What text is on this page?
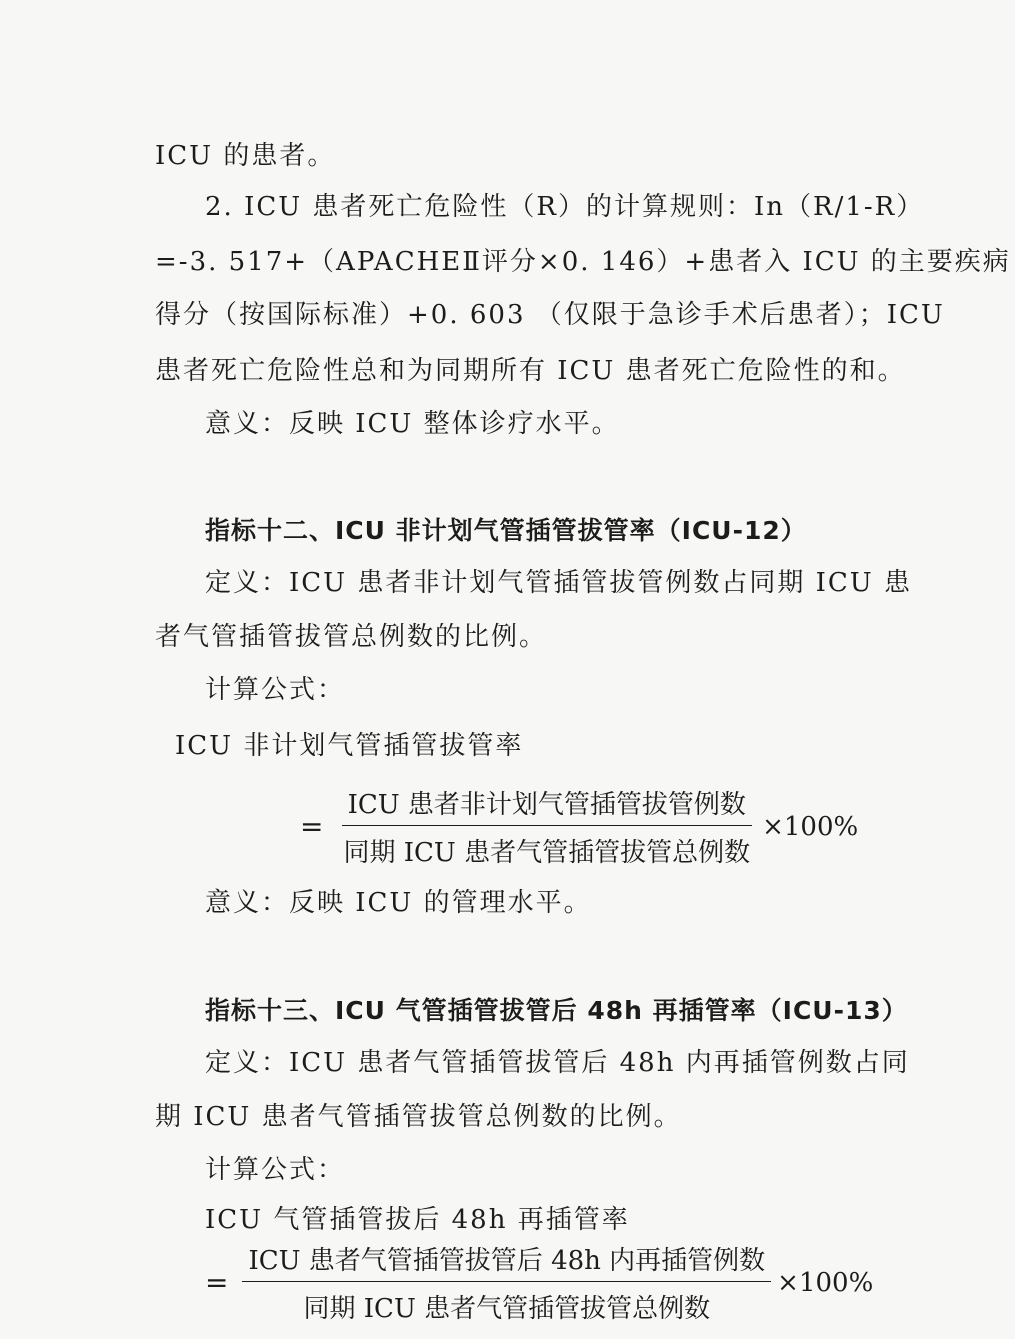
ICU 的患者。
2. ICU 患者死亡危险性（R）的计算规则：In（R/1-R）
=-3. 517+（APACHEⅡ评分×0. 146）+患者入 ICU 的主要疾病
得分（按国际标准）+0. 603 （仅限于急诊手术后患者）；ICU
患者死亡危险性总和为同期所有 ICU 患者死亡危险性的和。
意义：反映 ICU 整体诊疗水平。
指标十二、ICU 非计划气管插管拔管率（ICU-12）
定义：ICU 患者非计划气管插管拔管例数占同期 ICU 患
者气管插管拔管总例数的比例。
计算公式：
ICU 非计划气管插管拔管率
= $\frac{\text{ICU 患者非计划气管插管拔管例数}}{\text{同期 ICU 患者气管插管拔管总例数}} \times 100\%$
意义：反映 ICU 的管理水平。
指标十三、ICU 气管插管拔管后 48h 再插管率（ICU-13）
定义：ICU 患者气管插管拔管后 48h 内再插管例数占同
期 ICU 患者气管插管拔管总例数的比例。
计算公式：
ICU 气管插管拔后 48h 再插管率
= $\frac{\text{ICU 患者气管插管拔管后 48h 内再插管例数}}{\text{同期 ICU 患者气管插管拔管总例数}} \times 100\%$
